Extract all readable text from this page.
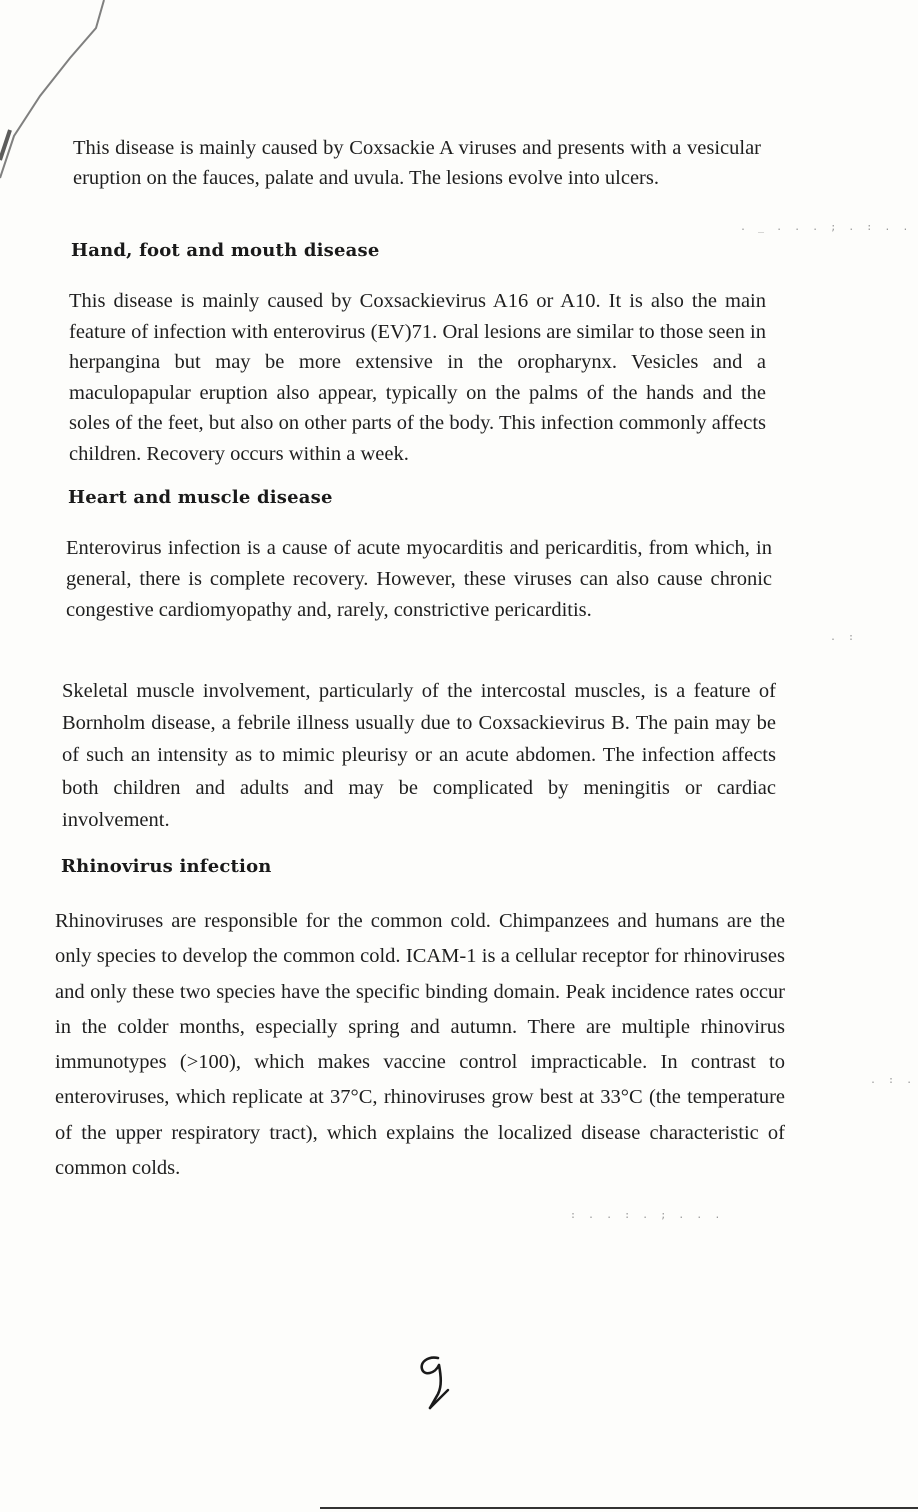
This disease is mainly caused by Coxsackie A viruses and presents with a vesicular eruption on the fauces, palate and uvula. The lesions evolve into ulcers.

Hand, foot and mouth disease

This disease is mainly caused by Coxsackievirus A16 or A10. It is also the main feature of infection with enterovirus (EV)71. Oral lesions are similar to those seen in herpangina but may be more extensive in the oropharynx. Vesicles and a maculopapular eruption also appear, typically on the palms of the hands and the soles of the feet, but also on other parts of the body. This infection commonly affects children. Recovery occurs within a week.

Heart and muscle disease

Enterovirus infection is a cause of acute myocarditis and pericarditis, from which, in general, there is complete recovery. However, these viruses can also cause chronic congestive cardiomyopathy and, rarely, constrictive pericarditis.

Skeletal muscle involvement, particularly of the intercostal muscles, is a feature of Bornholm disease, a febrile illness usually due to Coxsackievirus B. The pain may be of such an intensity as to mimic pleurisy or an acute abdomen. The infection affects both children and adults and may be complicated by meningitis or cardiac involvement.

Rhinovirus infection

Rhinoviruses are responsible for the common cold. Chimpanzees and humans are the only species to develop the common cold. ICAM-1 is a cellular receptor for rhinoviruses and only these two species have the specific binding domain. Peak incidence rates occur in the colder months, especially spring and autumn. There are multiple rhinovirus immunotypes (>100), which makes vaccine control impracticable. In contrast to enteroviruses, which replicate at 37°C, rhinoviruses grow best at 33°C (the temperature of the upper respiratory tract), which explains the localized disease characteristic of common colds.

. _ . . . ; . : . .
: . . : . ; . . .
. : .
. :
